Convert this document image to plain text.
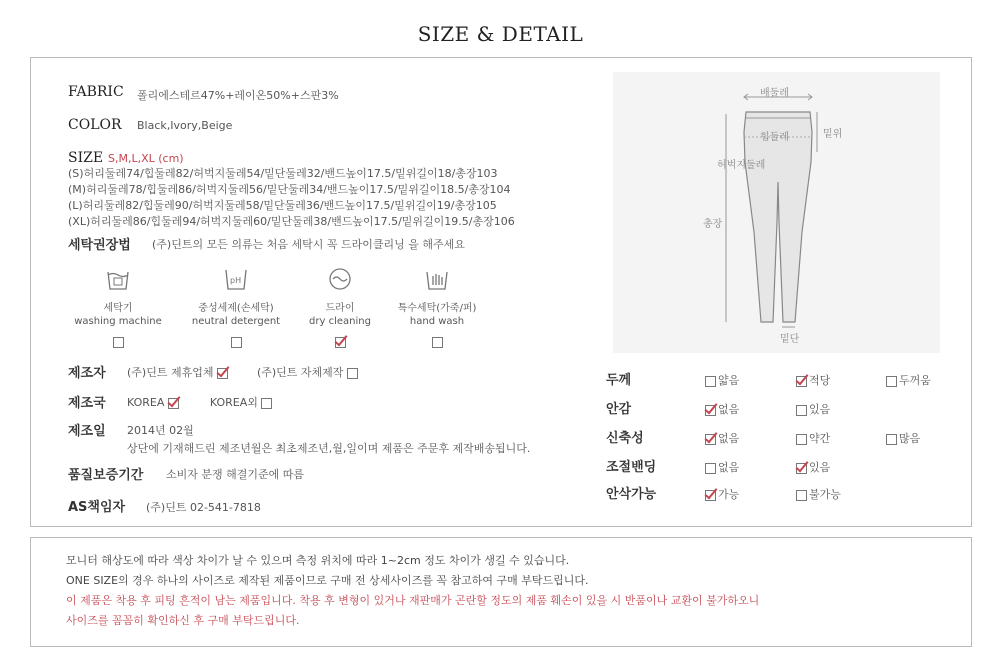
SIZE & DETAIL
FABRIC 폴리에스테르47%+레이온50%+스판3%
COLOR Black,Ivory,Beige
SIZE S,M,L,XL (cm)
(S)허리둘레74/힙둘레82/허벅지둘레54/밑단둘레32/밴드높이17.5/밑위길이18/총장103
(M)허리둘레78/힙둘레86/허벅지둘레56/밑단둘레34/밴드높이17.5/밑위길이18.5/총장104
(L)허리둘레82/힙둘레90/허벅지둘레58/밑단둘레36/밴드높이17.5/밑위길이19/총장105
(XL)허리둘레86/힙둘레94/허벅지둘레60/밑단둘레38/밴드높이17.5/밑위길이19.5/총장106
세탁권장법 (주)딘트의 모든 의류는 처음 세탁시 꼭 드라이클리닝 을 해주세요
세탁기
washing machine
pH
중성세제(손세탁)
neutral detergent
드라이
dry cleaning
특수세탁(가죽/퍼)
hand wash
제조자 (주)딘트 제휴업체	(주)딘트 자체제작
제조국 KOREA	KOREA외
제조일 2014년 02월
상단에 기재해드린 제조년월은 최초제조년,월,일이며 제품은 주문후 제작배송됩니다.
품질보증기간 소비자 분쟁 해결기준에 따름
AS책임자 (주)딘트 02-541-7818
배둘레
힙둘레
허벅지둘레
밑위
총장
밑단
두께	얇음	적당	두꺼움
안감	없음	있음
신축성	없음	약간	많음
조절밴딩	없음	있음
안삭가능	가능	불가능
모니터 해상도에 따라 색상 차이가 날 수 있으며 측정 위치에 따라 1~2cm 정도 차이가 생길 수 있습니다.
ONE SIZE의 경우 하나의 사이즈로 제작된 제품이므로 구매 전 상세사이즈를 꼭 참고하여 구매 부탁드립니다.
이 제품은 착용 후 피팅 흔적이 남는 제품입니다. 착용 후 변형이 있거나 재판매가 곤란할 정도의 제품 훼손이 있을 시 반품이나 교환이 불가하오니
사이즈를 꼼꼼히 확인하신 후 구매 부탁드립니다.
